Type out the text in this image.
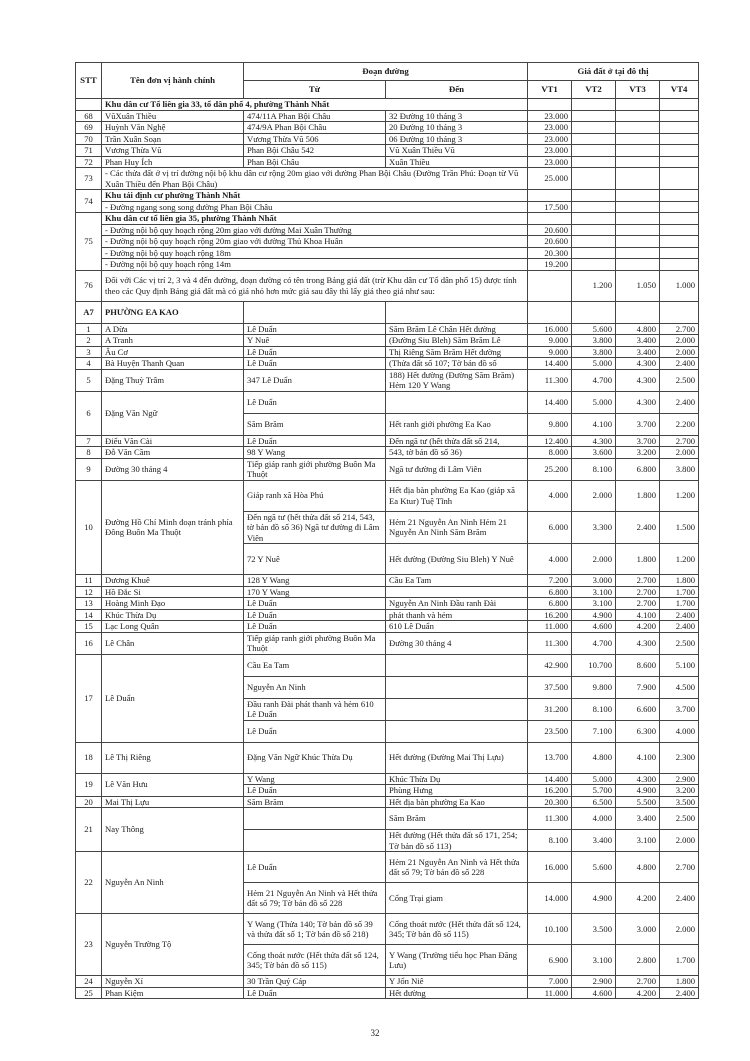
STT	Tên đơn vị hành chính	Đoạn đường		Giá đất ở tại đô thị			
		Từ	Đến	VT1	VT2	VT3	VT4
	Khu dân cư Tổ liên gia 33, tổ dân phố 4, phường Thành Nhất						
68	VũXuân Thiều	474/11A Phan Bội Châu	32 Đường 10 tháng 3	23.000			
69	Huỳnh Văn Nghệ	474/9A Phan Bội Châu	20 Đường 10 tháng 3	23.000			
70	Trần Xuân Soạn	Vương Thừa Vũ 506	06 Đường 10 tháng 3	23.000			
71	Vương Thừa Vũ	Phan Bội Châu 542	Vũ Xuân Thiều Vũ	23.000			
72	Phan Huy Ích	Phan Bội Châu	Xuân Thiều	23.000			
73	- Các thửa đất ở vị trí đường nội bộ khu dân cư rộng 20m giao với đường Phan Bội Châu (Đường Trần Phú: Đoạn từ Vũ Xuân Thiều đến Phan Bội Châu)			25.000			
74	Khu tái định cư phường Thành Nhất						
	- Đường ngang song song đường Phan Bội Châu			17.500			
75	Khu dân cư tổ liên gia 35, phường Thành Nhất						
	- Đường nội bộ quy hoạch rộng 20m giao với đường Mai Xuân Thưởng			20.600			
	- Đường nội bộ quy hoạch rộng 20m giao với đường Thủ Khoa Huân			20.600			
	- Đường nội bộ quy hoạch rộng 18m			20.300			
	- Đường nội bộ quy hoạch rộng 14m			19.200			
76	Đối với Các vị trí 2, 3 và 4 đến đường, đoạn đường có tên trong Bảng giá đất (trừ Khu dân cư Tổ dân phố 15) được tính theo các Quy định Bảng giá đất mà có giá nhỏ hơn mức giá sau đây thì lấy giá theo giá như sau:				1.200	1.050	1.000
A7	PHƯỜNG EA KAO						
1	A Dừa	Lê Duẩn	Săm Brăm Lê Chân Hết đường	16.000	5.600	4.800	2.700
2	A Tranh	Y Nuê	(Đường Siu Bleh) Săm Brăm Lê	9.000	3.800	3.400	2.000
3	Âu Cơ	Lê Duẩn	Thị Riêng Săm Brăm Hết đường	9.000	3.800	3.400	2.000
4	Bà Huyện Thanh Quan	Lê Duẩn	(Thửa đất số 107; Tờ bản đồ số	14.400	5.000	4.300	2.400
5	Đặng Thuỳ Trâm	347 Lê Duẩn	188) Hết đường (Đường Săm Brăm) Hẻm 120 Y Wang	11.300	4.700	4.300	2.500
6	Đặng Văn Ngữ	Lê Duẩn		14.400	5.000	4.300	2.400
		Săm Brăm	Hết ranh giới phường Ea Kao	9.800	4.100	3.700	2.200
7	Điểu Văn Cài	Lê Duẩn	Đến ngã tư (hết thửa đất số 214,	12.400	4.300	3.700	2.700
8	Đỗ Văn Cầm	98 Y Wang	543, tờ bản đồ số 36)	8.000	3.600	3.200	2.000
9	Đường 30 tháng 4	Tiếp giáp ranh giới phường Buôn Ma Thuột	Ngã tư đường đi Lâm Viên	25.200	8.100	6.800	3.800
10	Đường Hồ Chí Minh đoạn tránh phía Đông Buôn Ma Thuột	Giáp ranh xã Hòa Phú	Hết địa bàn phường Ea Kao (giáp xã Ea Ktur) Tuệ Tĩnh	4.000	2.000	1.800	1.200
		Đến ngã tư (hết thửa đất số 214, 543, tờ bản đồ số 36) Ngã tư đường đi Lâm Viên	Hẻm 21 Nguyễn An Ninh Hẻm 21 Nguyễn An Ninh Săm Brăm	6.000	3.300	2.400	1.500
		72 Y Nuê	Hết đường (Đường Siu Bleh) Y Nuê	4.000	2.000	1.800	1.200
11	Dương Khuê	128 Y Wang	Cầu Ea Tam	7.200	3.000	2.700	1.800
12	Hồ Đắc Si	170 Y Wang		6.800	3.100	2.700	1.700
13	Hoàng Minh Đạo	Lê Duẩn	Nguyễn An Ninh Đầu ranh Đài	6.800	3.100	2.700	1.700
14	Khúc Thừa Dụ	Lê Duẩn	phát thanh và hẻm	16.200	4.900	4.100	2.400
15	Lạc Long Quân	Lê Duẩn	610 Lê Duẩn	11.000	4.600	4.200	2.400
16	Lê Chân	Tiếp giáp ranh giới phường Buôn Ma Thuột	Đường 30 tháng 4	11.300	4.700	4.300	2.500
17	Lê Duẩn	Cầu Ea Tam		42.900	10.700	8.600	5.100
		Nguyễn An Ninh		37.500	9.800	7.900	4.500
		Đầu ranh Đài phát thanh và hẻm 610 Lê Duẩn		31.200	8.100	6.600	3.700
		Lê Duẩn		23.500	7.100	6.300	4.000
18	Lê Thị Riêng	Đặng Văn Ngữ Khúc Thừa Dụ	Hết đường (Đường Mai Thị Lựu)	13.700	4.800	4.100	2.300
19	Lê Văn Hưu	Y Wang	Khúc Thừa Dụ	14.400	5.000	4.300	2.900
		Lê Duẩn	Phùng Hưng	16.200	5.700	4.900	3.200
20	Mai Thị Lựu	Săm Brăm	Hết địa bàn phường Ea Kao	20.300	6.500	5.500	3.500
21	Nay Thông		Săm Brăm	11.300	4.000	3.400	2.500
			Hết đường (Hết thửa đất số 171, 254; Tờ bản đồ số 113)	8.100	3.400	3.100	2.000
22	Nguyễn An Ninh	Lê Duẩn	Hẻm 21 Nguyễn An Ninh và Hết thửa đất số 79; Tờ bản đồ số 228	16.000	5.600	4.800	2.700
		Hẻm 21 Nguyễn An Ninh và Hết thửa đất số 79; Tờ bản đồ số 228	Cổng Trại giam	14.000	4.900	4.200	2.400
23	Nguyễn Trường Tộ	Y Wang (Thửa 140; Tờ bản đồ số 39 và thửa đất số 1; Tờ bản đồ số 218)	Cống thoát nước (Hết thửa đất số 124, 345; Tờ bản đồ số 115)	10.100	3.500	3.000	2.000
		Cống thoát nước (Hết thửa đất số 124, 345; Tờ bản đồ số 115)	Y Wang (Trường tiểu học Phan Đăng Lưu)	6.900	3.100	2.800	1.700
24	Nguyễn Xí	30 Trần Quý Cáp	Y Jổn Niê	7.000	2.900	2.700	1.800
25	Phan Kiệm	Lê Duẩn	Hết đường	11.000	4.600	4.200	2.400
32
